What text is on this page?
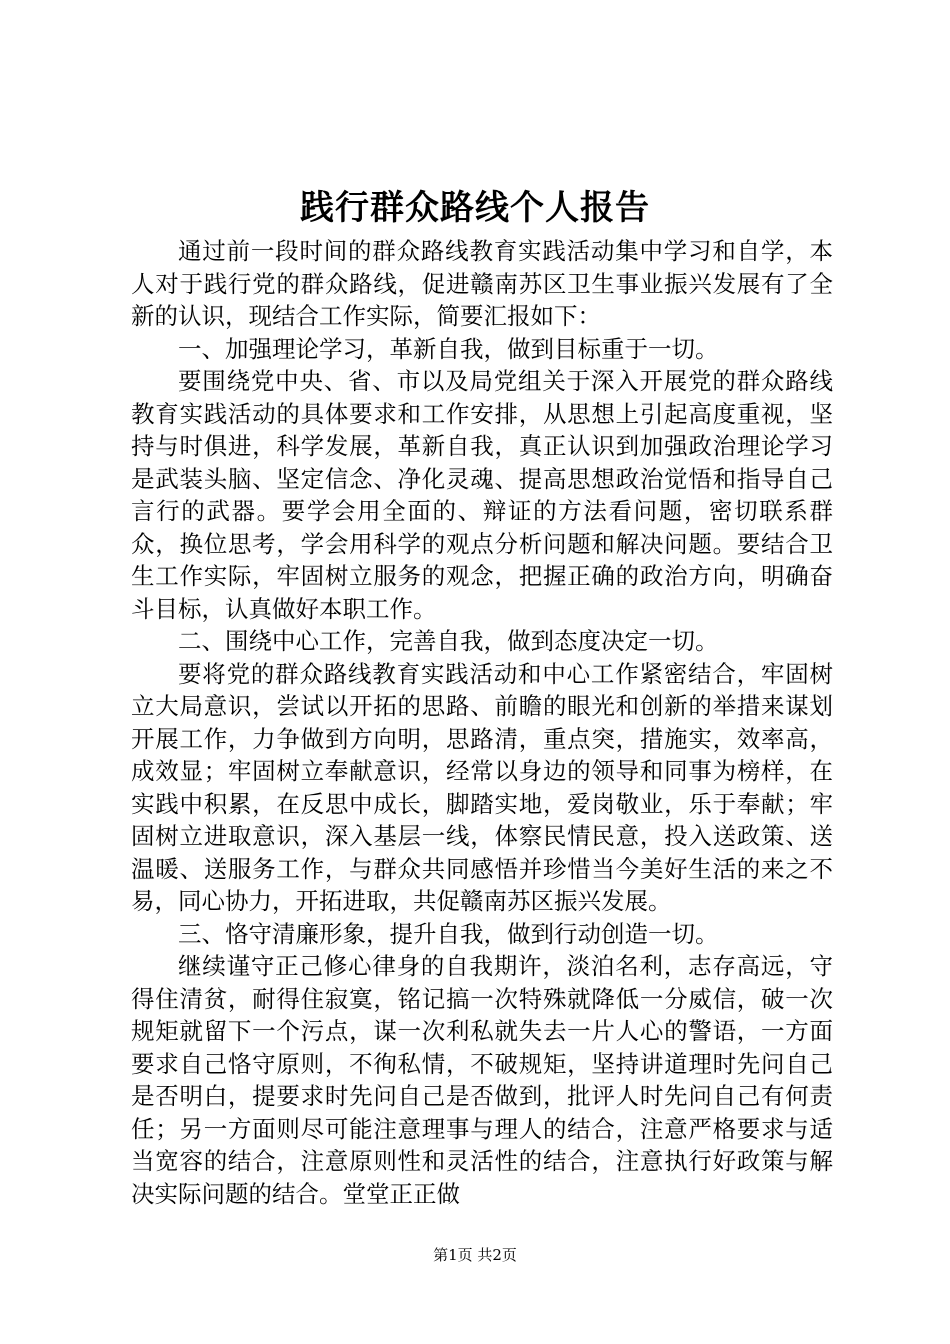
践行群众路线个人报告

通过前一段时间的群众路线教育实践活动集中学习和自学，本人对于践行党的群众路线，促进赣南苏区卫生事业振兴发展有了全新的认识，现结合工作实际，简要汇报如下：

一、加强理论学习，革新自我，做到目标重于一切。

要围绕党中央、省、市以及局党组关于深入开展党的群众路线教育实践活动的具体要求和工作安排，从思想上引起高度重视，坚持与时俱进，科学发展，革新自我，真正认识到加强政治理论学习是武装头脑、坚定信念、净化灵魂、提高思想政治觉悟和指导自己言行的武器。要学会用全面的、辩证的方法看问题，密切联系群众，换位思考，学会用科学的观点分析问题和解决问题。要结合卫生工作实际，牢固树立服务的观念，把握正确的政治方向，明确奋斗目标，认真做好本职工作。

二、围绕中心工作，完善自我，做到态度决定一切。

要将党的群众路线教育实践活动和中心工作紧密结合，牢固树立大局意识，尝试以开拓的思路、前瞻的眼光和创新的举措来谋划开展工作，力争做到方向明，思路清，重点突，措施实，效率高，成效显；牢固树立奉献意识，经常以身边的领导和同事为榜样，在实践中积累，在反思中成长，脚踏实地，爱岗敬业，乐于奉献；牢固树立进取意识，深入基层一线，体察民情民意，投入送政策、送温暖、送服务工作，与群众共同感悟并珍惜当今美好生活的来之不易，同心协力，开拓进取，共促赣南苏区振兴发展。

三、恪守清廉形象，提升自我，做到行动创造一切。

继续谨守正己修心律身的自我期许，淡泊名利，志存高远，守得住清贫，耐得住寂寞，铭记搞一次特殊就降低一分威信，破一次规矩就留下一个污点，谋一次利私就失去一片人心的警语，一方面要求自己恪守原则，不徇私情，不破规矩，坚持讲道理时先问自己是否明白，提要求时先问自己是否做到，批评人时先问自己有何责任；另一方面则尽可能注意理事与理人的结合，注意严格要求与适当宽容的结合，注意原则性和灵活性的结合，注意执行好政策与解决实际问题的结合。堂堂正正做

第1页 共2页
